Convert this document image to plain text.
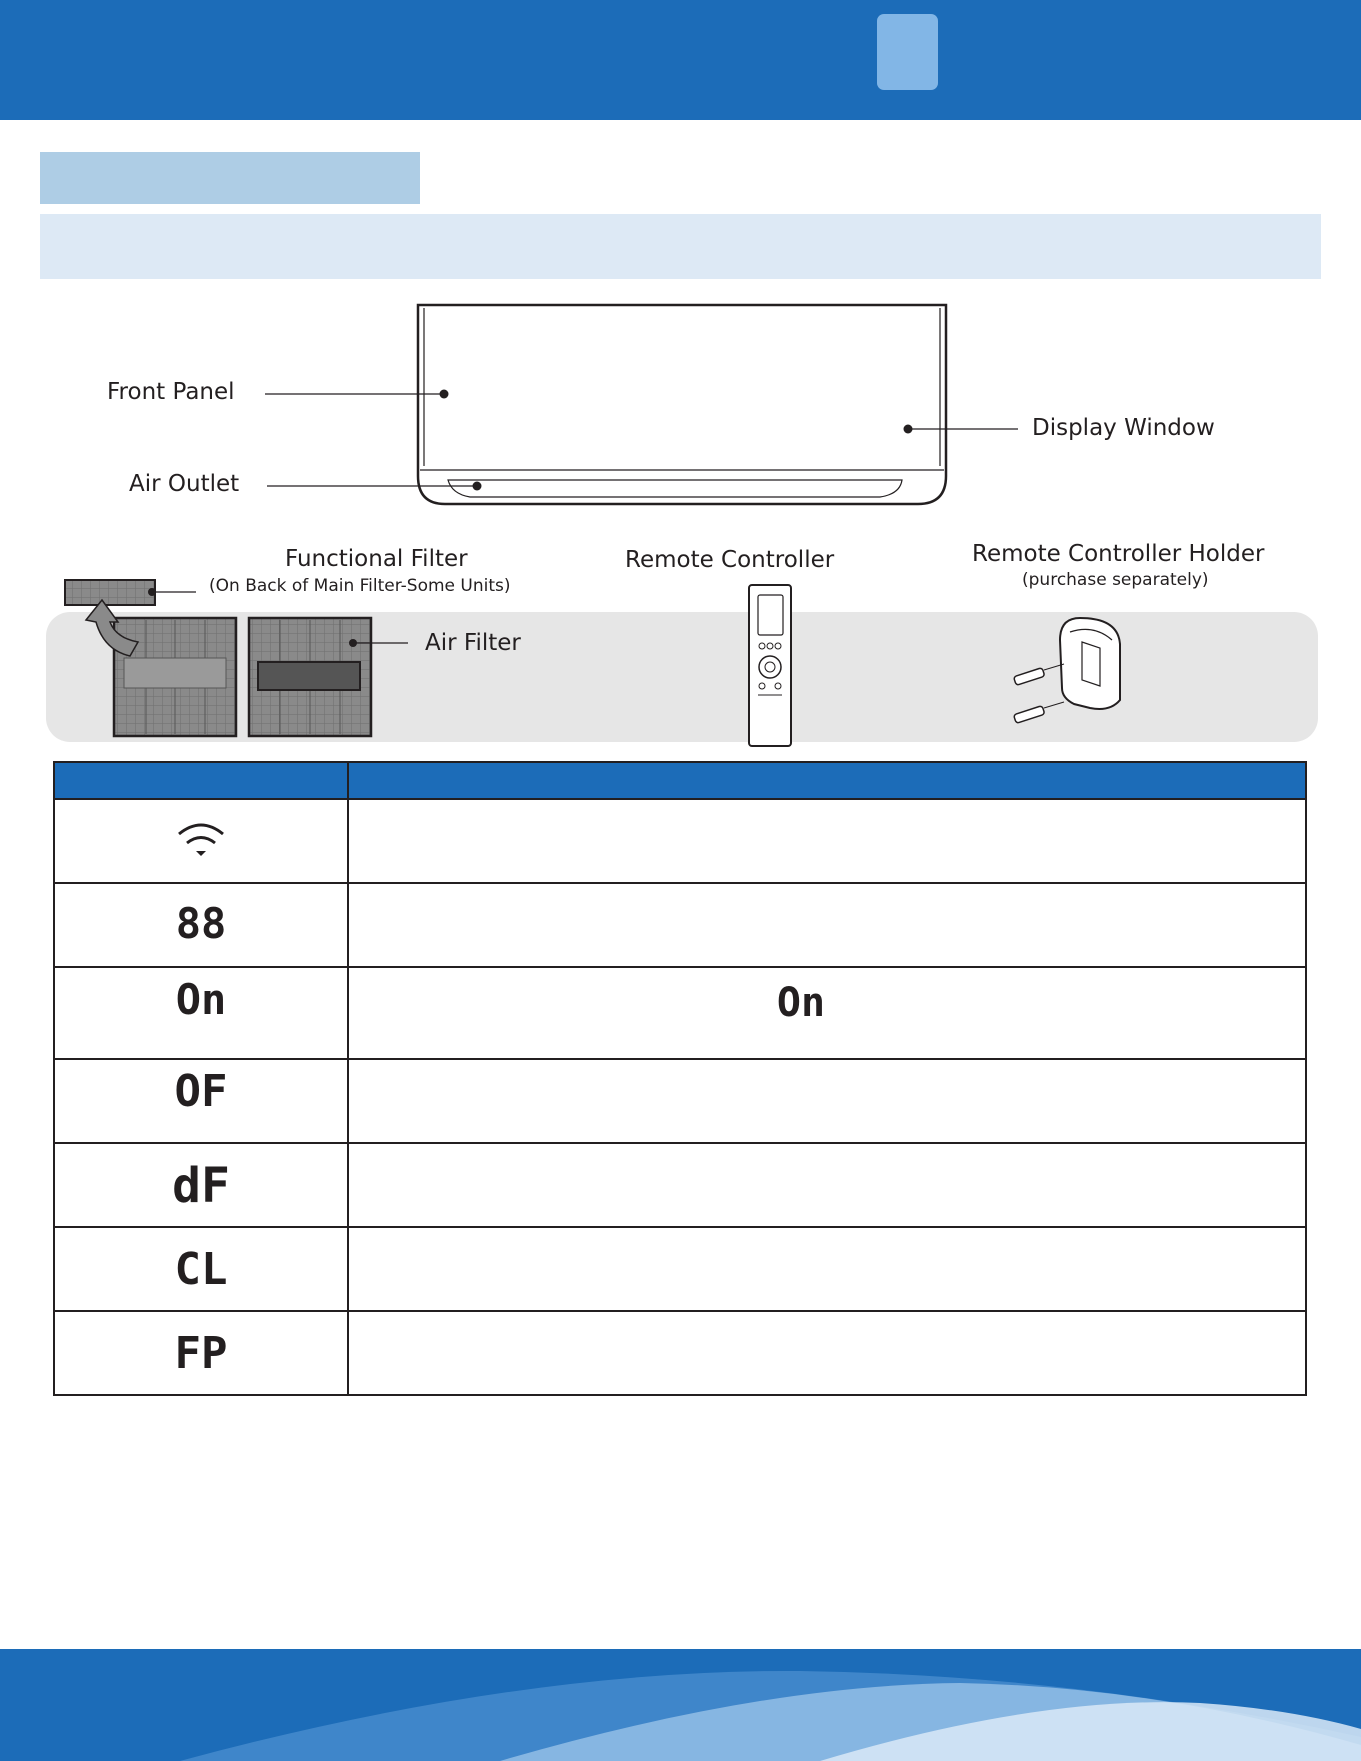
Front Panel
Air Outlet
Display Window
Functional Filter
(On Back of Main Filter-Some Units)
Remote Controller	Remote Controller Holder
(purchase separately)
Air Filter

88	

On	On

OF	

dF	

CL	

FP	
